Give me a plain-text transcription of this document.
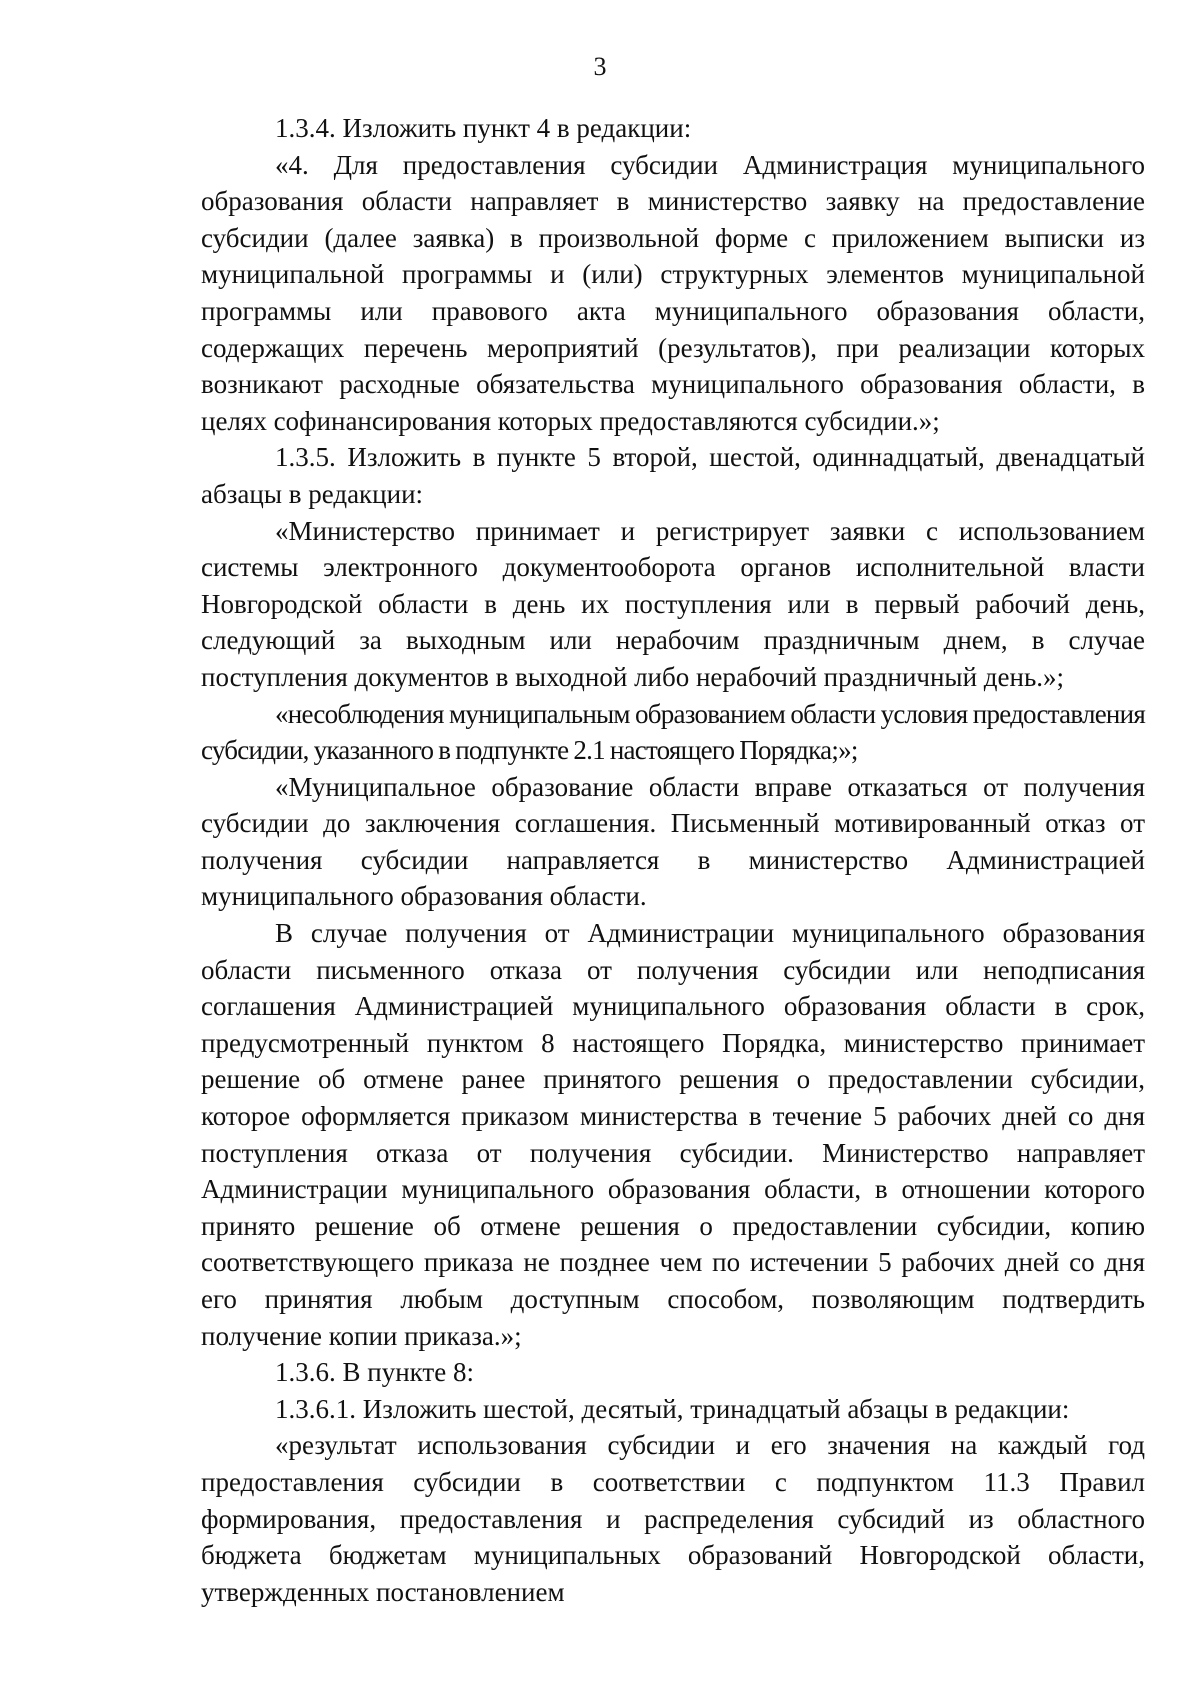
3

1.3.4. Изложить пункт 4 в редакции:

«4. Для предоставления субсидии Администрация муниципального образования области направляет в министерство заявку на предоставление субсидии (далее заявка) в произвольной форме с приложением выписки из муниципальной программы и (или) структурных элементов муниципальной программы или правового акта муниципального образования области, содержащих перечень мероприятий (результатов), при реализации которых возникают расходные обязательства муниципального образования области, в целях софинансирования которых предоставляются субсидии.»;

1.3.5. Изложить в пункте 5 второй, шестой, одиннадцатый, двенадцатый абзацы в редакции:

«Министерство принимает и регистрирует заявки с использованием системы электронного документооборота органов исполнительной власти Новгородской области в день их поступления или в первый рабочий день, следующий за выходным или нерабочим праздничным днем, в случае поступления документов в выходной либо нерабочий праздничный день.»;

«несоблюдения муниципальным образованием области условия предоставления субсидии, указанного в подпункте 2.1 настоящего Порядка;»;

«Муниципальное образование области вправе отказаться от получения субсидии до заключения соглашения. Письменный мотивированный отказ от получения субсидии направляется в министерство Администрацией муниципального образования области.

В случае получения от Администрации муниципального образования области письменного отказа от получения субсидии или неподписания соглашения Администрацией муниципального образования области в срок, предусмотренный пунктом 8 настоящего Порядка, министерство принимает решение об отмене ранее принятого решения о предоставлении субсидии, которое оформляется приказом министерства в течение 5 рабочих дней со дня поступления отказа от получения субсидии. Министерство направляет Администрации муниципального образования области, в отношении которого принято решение об отмене решения о предоставлении субсидии, копию соответствующего приказа не позднее чем по истечении 5 рабочих дней со дня его принятия любым доступным способом, позволяющим подтвердить получение копии приказа.»;

1.3.6. В пункте 8:

1.3.6.1. Изложить шестой, десятый, тринадцатый абзацы в редакции:

«результат использования субсидии и его значения на каждый год предоставления субсидии в соответствии с подпунктом 11.3 Правил формирования, предоставления и распределения субсидий из областного бюджета бюджетам муниципальных образований Новгородской области, утвержденных постановлением
